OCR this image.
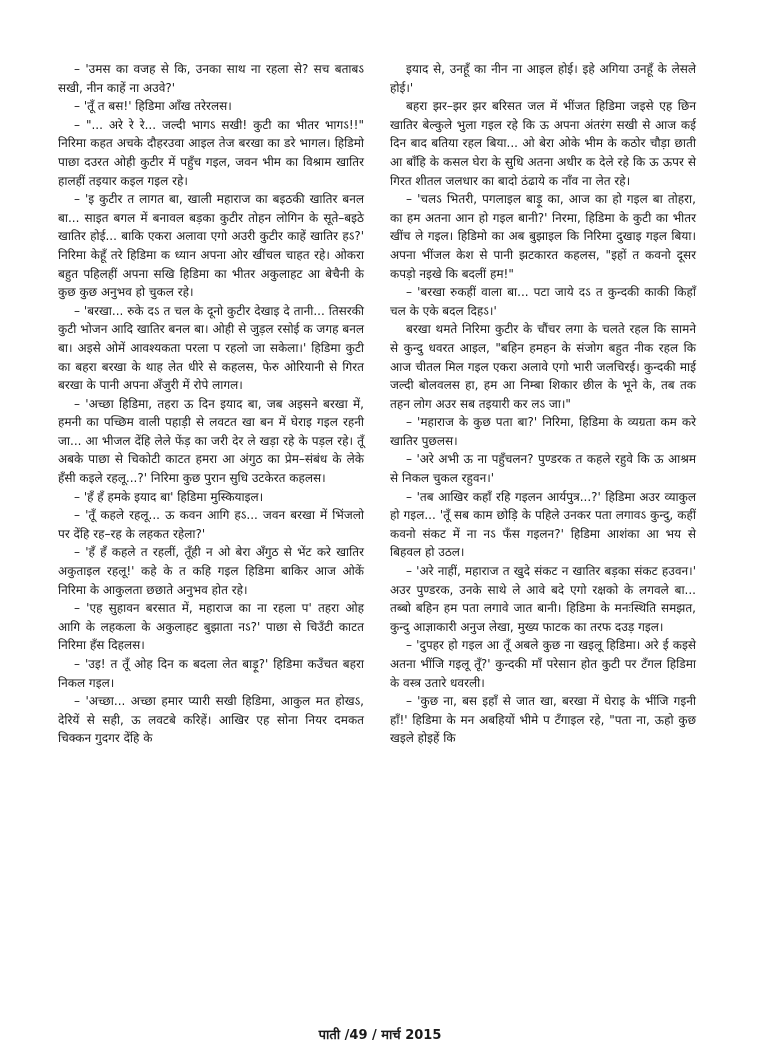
– 'उमस का वजह से कि, उनका साथ ना रहला से? सच बताबऽ सखी, नीन काहें ना अउवे?'

– 'तूँ त बस!' हिडिमा आँख तरेरलस।

– "... अरे रे रे... जल्दी भागऽ सखी! कुटी का भीतर भागऽ!!" निरिमा कहत अचके दौहरउवा आइल तेज बरखा का डरे भागल। हिडिमो पाछा दउरत ओही कुटीर में पहुँच गइल, जवन भीम का विश्राम खातिर हालहीं तइयार कइल गइल रहे।

– 'इ कुटीर त लागत बा, खाली महाराज का बइठकी खातिर बनल बा... साइत बगल में बनावल बड़का कुटीर तोहन लोगिन के सूते–बइठे खातिर होई... बाकि एकरा अलावा एगो अउरी कुटीर काहें खातिर हऽ?' निरिमा केहूँ तरे हिडिमा क ध्यान अपना ओर खींचल चाहत रहे। ओकरा बहुत पहिलहीं अपना सखि हिडिमा का भीतर अकुलाहट आ बेचैनी के कुछ कुछ अनुभव हो चुकल रहे।

– 'बरखा... रुके दऽ त चल के दूनो कुटीर देखाइ दे तानी... तिसरकी कुटी भोजन आदि खातिर बनल बा। ओही से जुड़ल रसोई क जगह बनल बा। अइसे ओमें आवश्यकता परला प रहलो जा सकेला।' हिडिमा कुटी का बहरा बरखा के थाह लेत धीरे से कहलस, फेरु ओरियानी से गिरत बरखा के पानी अपना अँजुरी में रोपे लागल।

– 'अच्छा हिडिमा, तहरा ऊ दिन इयाद बा, जब अइसने बरखा में, हमनी का पच्छिम वाली पहाड़ी से लवटत खा बन में घेराइ गइल रहनी जा... आ भीजल देंहि लेले फेंड़ का जरी देर ले खड़ा रहे के पड़ल रहे। तूँ अबके पाछा से चिकोटी काटत हमरा आ अंगुठ का प्रेम–संबंध के लेके हँसी कइले रहलू...?' निरिमा कुछ पुरान सुधि उटकेरत कहलस।

– 'हँ हँ हमके इयाद बा' हिडिमा मुस्कियाइल।

– 'तूँ कहले रहलू... ऊ कवन आगि हऽ... जवन बरखा में भिंजलो पर देंहि रह–रह के लहकत रहेला?'

– 'हँ हँ कहले त रहलीं, तूँही न ओ बेरा अँगुठ से भेंट करे खातिर अकुताइल रहलू!' कहे के त कहि गइल हिडिमा बाकिर आज ओकें निरिमा के आकुलता छछाते अनुभव होत रहे।

– 'एह सुहावन बरसात में, महाराज का ना रहला प' तहरा ओह आगि के लहकला के अकुलाहट बुझाता नऽ?' पाछा से चिउँटी काटत निरिमा हँस दिहलस।

– 'उइ! त तूँ ओह दिन क बदला लेत बाड़ू?' हिडिमा कउँचत बहरा निकल गइल।

– 'अच्छा... अच्छा हमार प्यारी सखी हिडिमा, आकुल मत होखऽ, देरियें से सही, ऊ लवटबे करिहें। आखिर एह सोना नियर दमकत चिक्कन गुदगर देंहि के

इयाद से, उनहूँ का नीन ना आइल होई। इहे अगिया उनहूँ के लेसले होई।'

बहरा झर–झर झर बरिसत जल में भींजत हिडिमा जइसे एह छिन खातिर बेल्कुले भुला गइल रहे कि ऊ अपना अंतरंग सखी से आज कई दिन बाद बतिया रहल बिया... ओ बेरा ओके भीम के कठोर चौड़ा छाती आ बाँहि के कसल घेरा के सुधि अतना अधीर क देले रहे कि ऊ ऊपर से गिरत शीतल जलधार का बादो ठंढाये क नाँव ना लेत रहे।

– 'चलऽ भितरी, पगलाइल बाड़ू का, आज का हो गइल बा तोहरा, का हम अतना आन हो गइल बानी?' निरमा, हिडिमा के कुटी का भीतर खींच ले गइल। हिडिमो का अब बुझाइल कि निरिमा दुखाइ गइल बिया। अपना भींजल केश से पानी झटकारत कहलस, "इहों त कवनो दूसर कपड़ो नइखे कि बदलीं हम!"

– 'बरखा रुकहीं वाला बा... पटा जाये दऽ त कुन्दकी काकी किहाँ चल के एके बदल दिहऽ।'

बरखा थमते निरिमा कुटीर के चौंचर लगा के चलते रहल कि सामने से कुन्दु धवरत आइल, "बहिन हमहन के संजोग बहुत नीक रहल कि आज चीतल मिल गइल एकरा अलावे एगो भारी जलचिरई। कुन्दकी माई जल्दी बोलवलस हा, हम आ निम्बा शिकार छील के भूने के, तब तक तहन लोग अउर सब तइयारी कर लऽ जा।"

– 'महाराज के कुछ पता बा?' निरिमा, हिडिमा के व्यग्रता कम करे खातिर पुछलस।

– 'अरे अभी ऊ ना पहुँचलन? पुण्डरक त कहले रहुवे कि ऊ आश्रम से निकल चुकल रहुवन।'

– 'तब आखिर कहाँ रहि गइलन आर्यपुत्र...?' हिडिमा अउर व्याकुल हो गइल... 'तूँ सब काम छोड़ि के पहिले उनकर पता लगावऽ कुन्दु, कहीं कवनो संकट में ना नऽ फँस गइलन?' हिडिमा आशंका आ भय से बिहवल हो उठल।

– 'अरे नाहीं, महाराज त खुदे संकट न खातिर बड़का संकट हउवन।' अउर पुण्डरक, उनके साथे ले आवे बदे एगो रक्षको के लगवले बा... तब्बो बहिन हम पता लगावे जात बानी। हिडिमा के मनःस्थिति समझत, कुन्दु आज्ञाकारी अनुज लेखा, मुख्य फाटक का तरफ दउड़ गइल।

– 'दुपहर हो गइल आ तूँ अबले कुछ ना खइलू हिडिमा। अरे ई कइसे अतना भींजि गइलू तूँ?' कुन्दकी माँ परेसान होत कुटी पर टँगल हिडिमा के वस्त्र उतारे धवरली।

– 'कुछ ना, बस इहाँ से जात खा, बरखा में घेराइ के भींजि गइनी हाँ!' हिडिमा के मन अबहियों भीमे प टँगाइल रहे, "पता ना, ऊहो कुछ खइले होइहें कि

पाती /49 / मार्च 2015
